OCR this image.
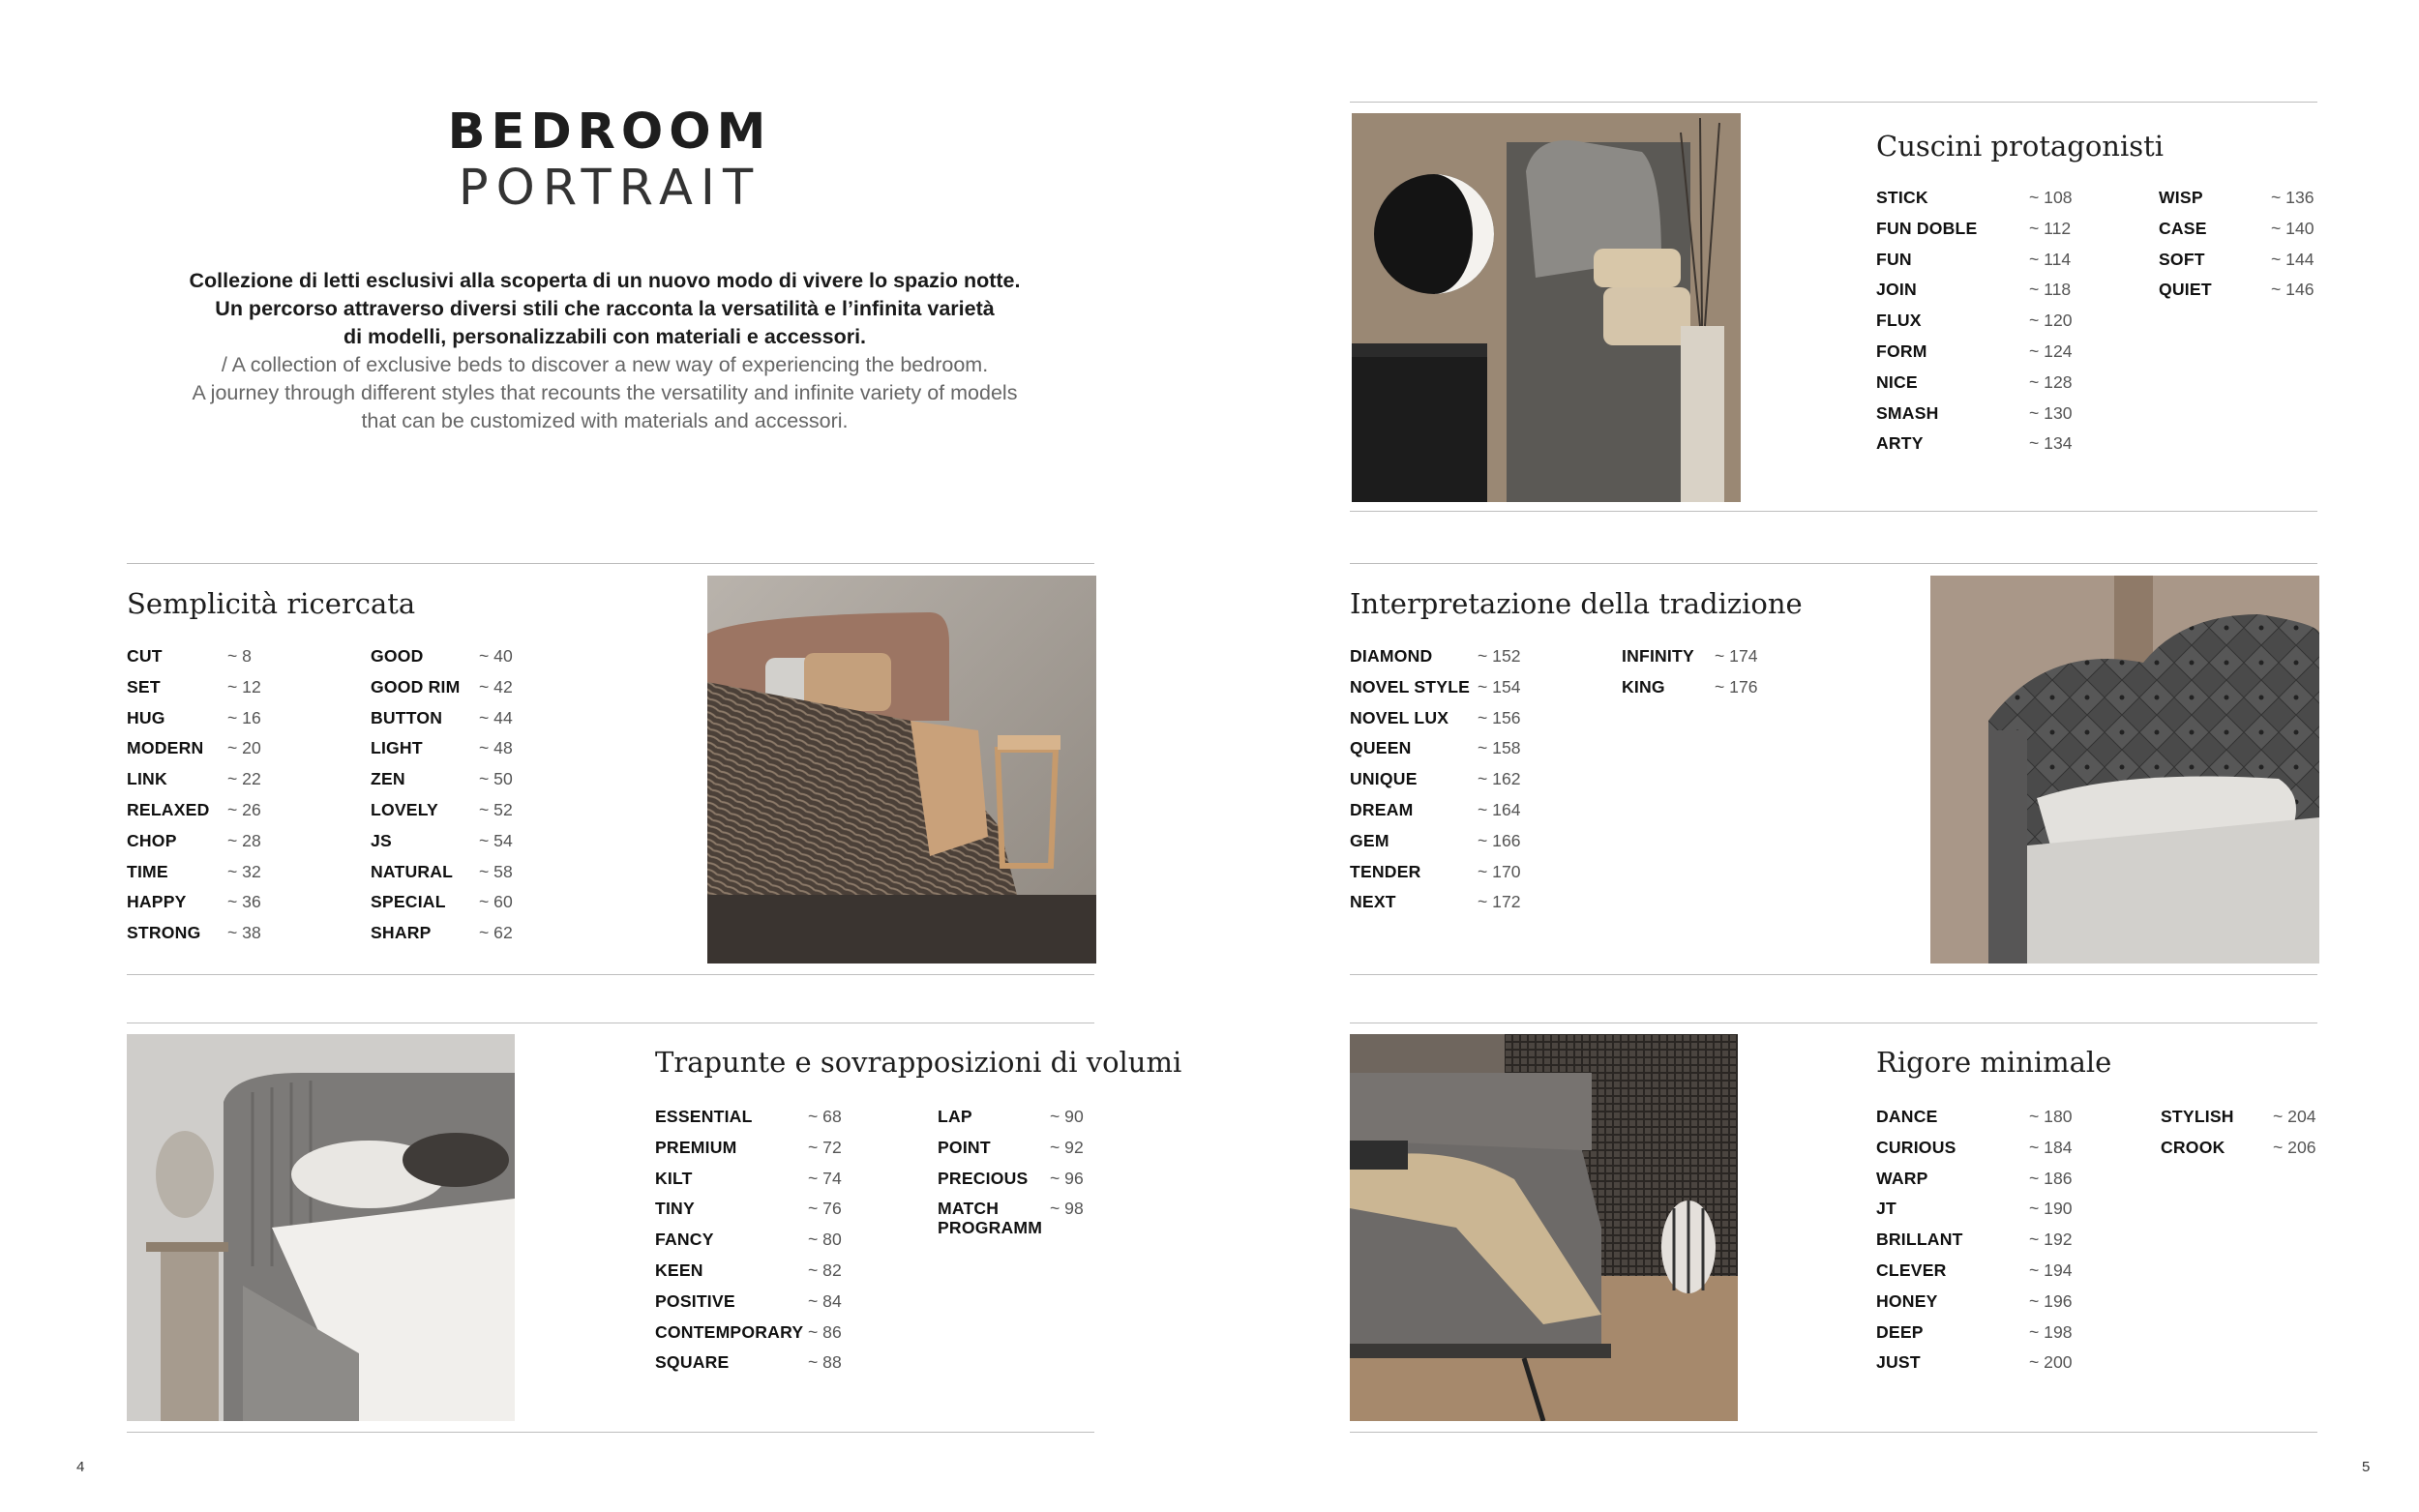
BEDROOM
PORTRAIT
Collezione di letti esclusivi alla scoperta di un nuovo modo di vivere lo spazio notte.
Un percorso attraverso diversi stili che racconta la versatilità e l’infinita varietà
di modelli, personalizzabili con materiali e accessori.
/ A collection of exclusive beds to discover a new way of experiencing the bedroom.
A journey through different styles that recounts the versatility and infinite variety of models
that can be customized with materials and accessori.
Semplicità ricercata
CUT	~ 8
SET	~ 12
HUG	~ 16
MODERN ~ 20
LINK	~ 22
RELAXED ~ 26
CHOP	~ 28
TIME	~ 32
HAPPY ~ 36
STRONG ~ 38
GOOD	~ 40
GOOD RIM ~ 42
BUTTON ~ 44
LIGHT	~ 48
ZEN	~ 50
LOVELY ~ 52
JS	~ 54
NATURAL ~ 58
SPECIAL ~ 60
SHARP	~ 62
Trapunte e sovrapposizioni di volumi
ESSENTIAL	~ 68
PREMIUM	~ 72
KILT	~ 74
TINY	~ 76
FANCY	~ 80
KEEN	~ 82
POSITIVE	~ 84
CONTEMPORARY ~ 86
SQUARE	~ 88
LAP	~ 90
POINT	~ 92
PRECIOUS ~ 96
MATCH PROGRAMM
~ 98
4
Cuscini protagonisti
STICK	~ 108
FUN DOBLE	~ 112
FUN	~ 114
JOIN	~ 118
FLUX	~ 120
FORM	~ 124
NICE	~ 128
SMASH	~ 130
ARTY	~ 134
WISP	~ 136
CASE	~ 140
SOFT	~ 144
QUIET	~ 146
Interpretazione della tradizione
DIAMOND	~ 152
NOVEL STYLE ~ 154
NOVEL LUX ~ 156
QUEEN	~ 158
UNIQUE	~ 162
DREAM	~ 164
GEM	~ 166
TENDER	~ 170
NEXT	~ 172
INFINITY ~ 174
KING	~ 176
Rigore minimale
DANCE	~ 180
CURIOUS	~ 184
WARP	~ 186
JT	~ 190
BRILLANT	~ 192
CLEVER	~ 194
HONEY	~ 196
DEEP	~ 198
JUST	~ 200
STYLISH ~ 204
CROOK	~ 206
5
